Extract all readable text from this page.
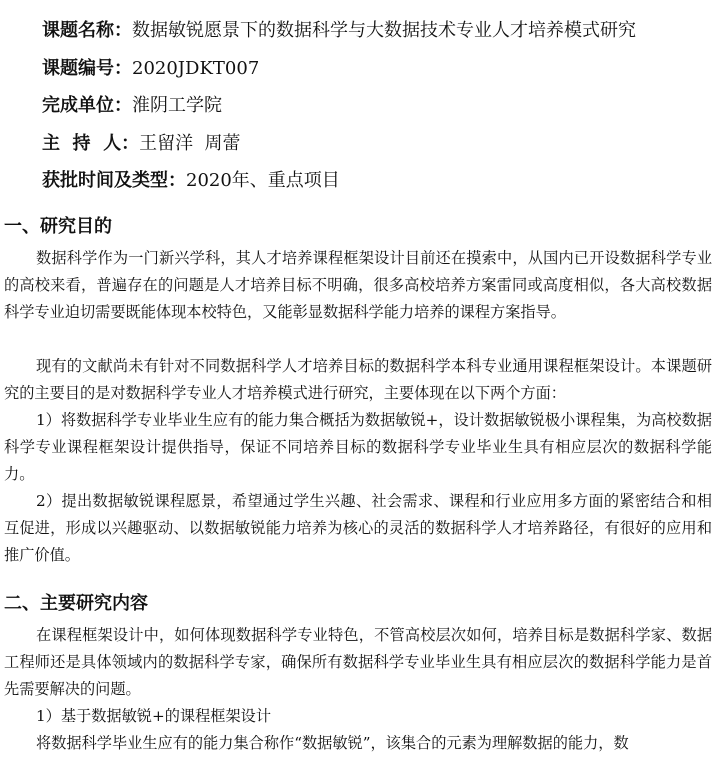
课题名称：数据敏锐愿景下的数据科学与大数据技术专业人才培养模式研究
课题编号：2020JDKT007
完成单位：淮阴工学院
主  持  人：王留洋  周蕾
获批时间及类型：2020年、重点项目
一、研究目的

数据科学作为一门新兴学科，其人才培养课程框架设计目前还在摸索中，从国内已开设数据科学专业的高校来看，普遍存在的问题是人才培养目标不明确，很多高校培养方案雷同或高度相似，各大高校数据科学专业迫切需要既能体现本校特色，又能彰显数据科学能力培养的课程方案指导。

现有的文献尚未有针对不同数据科学人才培养目标的数据科学本科专业通用课程框架设计。本课题研究的主要目的是对数据科学专业人才培养模式进行研究，主要体现在以下两个方面：

1）将数据科学专业毕业生应有的能力集合概括为数据敏锐+，设计数据敏锐极小课程集，为高校数据科学专业课程框架设计提供指导，保证不同培养目标的数据科学专业毕业生具有相应层次的数据科学能力。

2）提出数据敏锐课程愿景，希望通过学生兴趣、社会需求、课程和行业应用多方面的紧密结合和相互促进，形成以兴趣驱动、以数据敏锐能力培养为核心的灵活的数据科学人才培养路径，有很好的应用和推广价值。

二、主要研究内容

在课程框架设计中，如何体现数据科学专业特色，不管高校层次如何，培养目标是数据科学家、数据工程师还是具体领域内的数据科学专家，确保所有数据科学专业毕业生具有相应层次的数据科学能力是首先需要解决的问题。

1）基于数据敏锐+的课程框架设计

将数据科学毕业生应有的能力集合称作“数据敏锐”，该集合的元素为理解数据的能力，数
